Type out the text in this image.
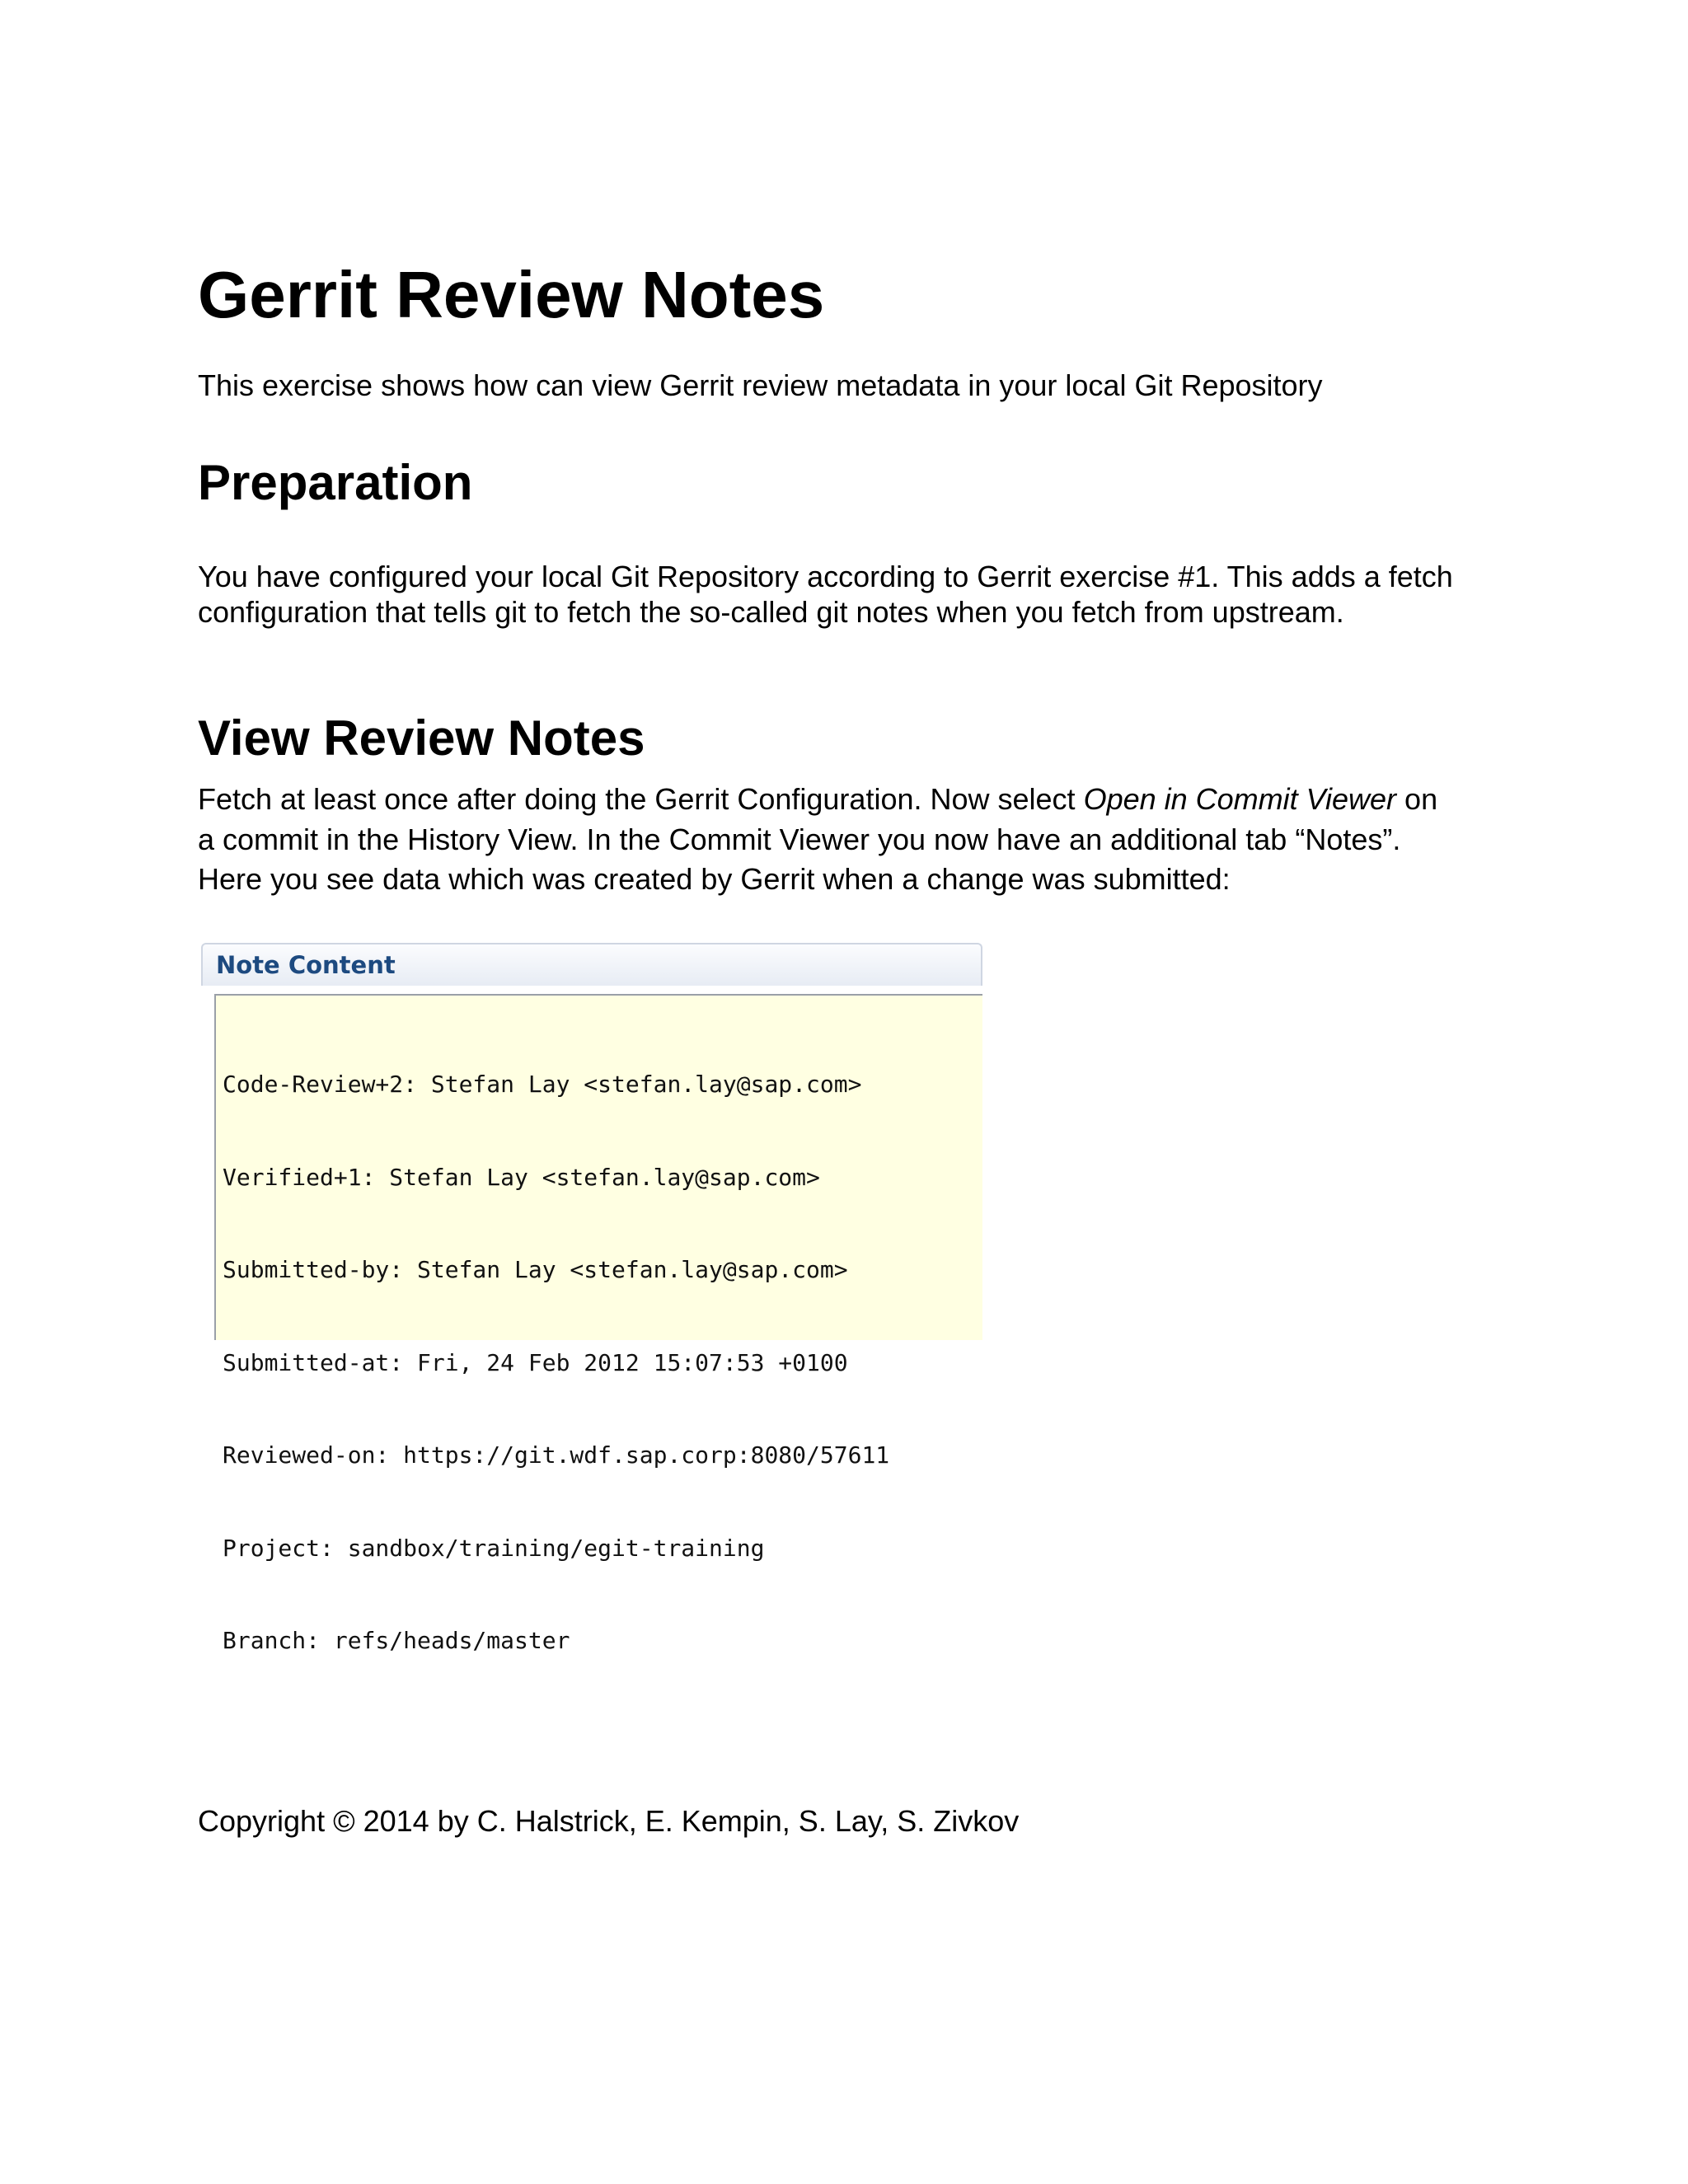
Gerrit Review Notes
This exercise shows how can view Gerrit review metadata in your local Git Repository
Preparation

You have configured your local Git Repository according to Gerrit exercise #1. This adds a fetch

configuration that tells git to fetch the so-called git notes when you fetch from upstream.

View Review Notes

Fetch at least once after doing the Gerrit Configuration. Now select Open in Commit Viewer on

a commit in the History View. In the Commit Viewer you now have an additional tab “Notes”.

Here you see data which was created by Gerrit when a change was submitted:

Note Content

Code-Review+2: Stefan Lay <stefan.lay@sap.com>

Verified+1: Stefan Lay <stefan.lay@sap.com>

Submitted-by: Stefan Lay <stefan.lay@sap.com>

Submitted-at: Fri, 24 Feb 2012 15:07:53 +0100

Reviewed-on: https://git.wdf.sap.corp:8080/57611

Project: sandbox/training/egit-training

Branch: refs/heads/master

Copyright © 2014 by C. Halstrick, E. Kempin, S. Lay, S. Zivkov
